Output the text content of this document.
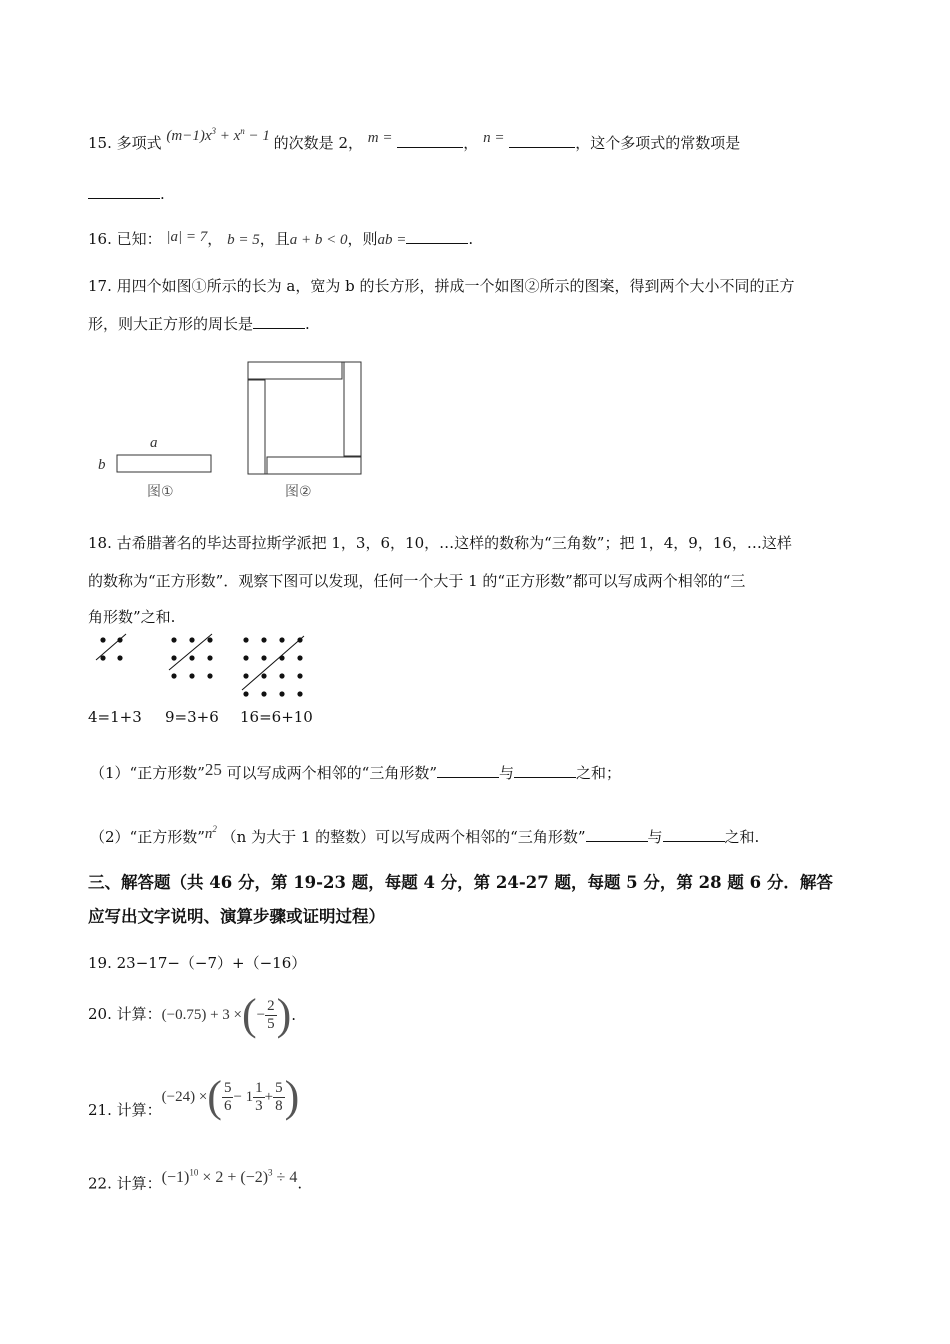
15. 多项式 $(m-1)x^3 + x^n - 1$ 的次数是 2， m =	， n =	，这个多项式的常数项是
.
16. 已知： |a| = 7， b = 5，且a + b < 0，则ab =	.
17. 用四个如图①所示的长为 a，宽为 b 的长方形，拼成一个如图②所示的图案，得到两个大小不同的正方
形，则大正方形的周长是	.
a
b
图①	图②
18. 古希腊著名的毕达哥拉斯学派把 1，3，6，10，…这样的数称为“三角数”；把 1，4，9，16，…这样
的数称为“正方形数”．观察下图可以发现，任何一个大于 1 的“正方形数”都可以写成两个相邻的“三
角形数”之和.
4=1+3 9=3+6 16=6+10
（1）“正方形数”25 可以写成两个相邻的“三角形数”	与	之和；
（2）“正方形数$”n^2$ （n 为大于 1 的整数）可以写成两个相邻的“三角形数”	与	之和.
三、解答题（共 46 分，第 19-23 题，每题 4 分，第 24-27 题，每题 5 分，第 28 题 6 分．解答
应写出文字说明、演算步骤或证明过程）
19. 23−17−（−7）+（−16）
20. 计算：(−0.75) + 3 ×(− $\frac{2}{5}$ ).
21. 计算：(−24) ×( $\frac{5}{6} - 1 \frac{1}{3} + \frac{5}{8}$ )
22. 计算：$(-1)^{10} \times 2 + (-2)^3 \div 4$.
